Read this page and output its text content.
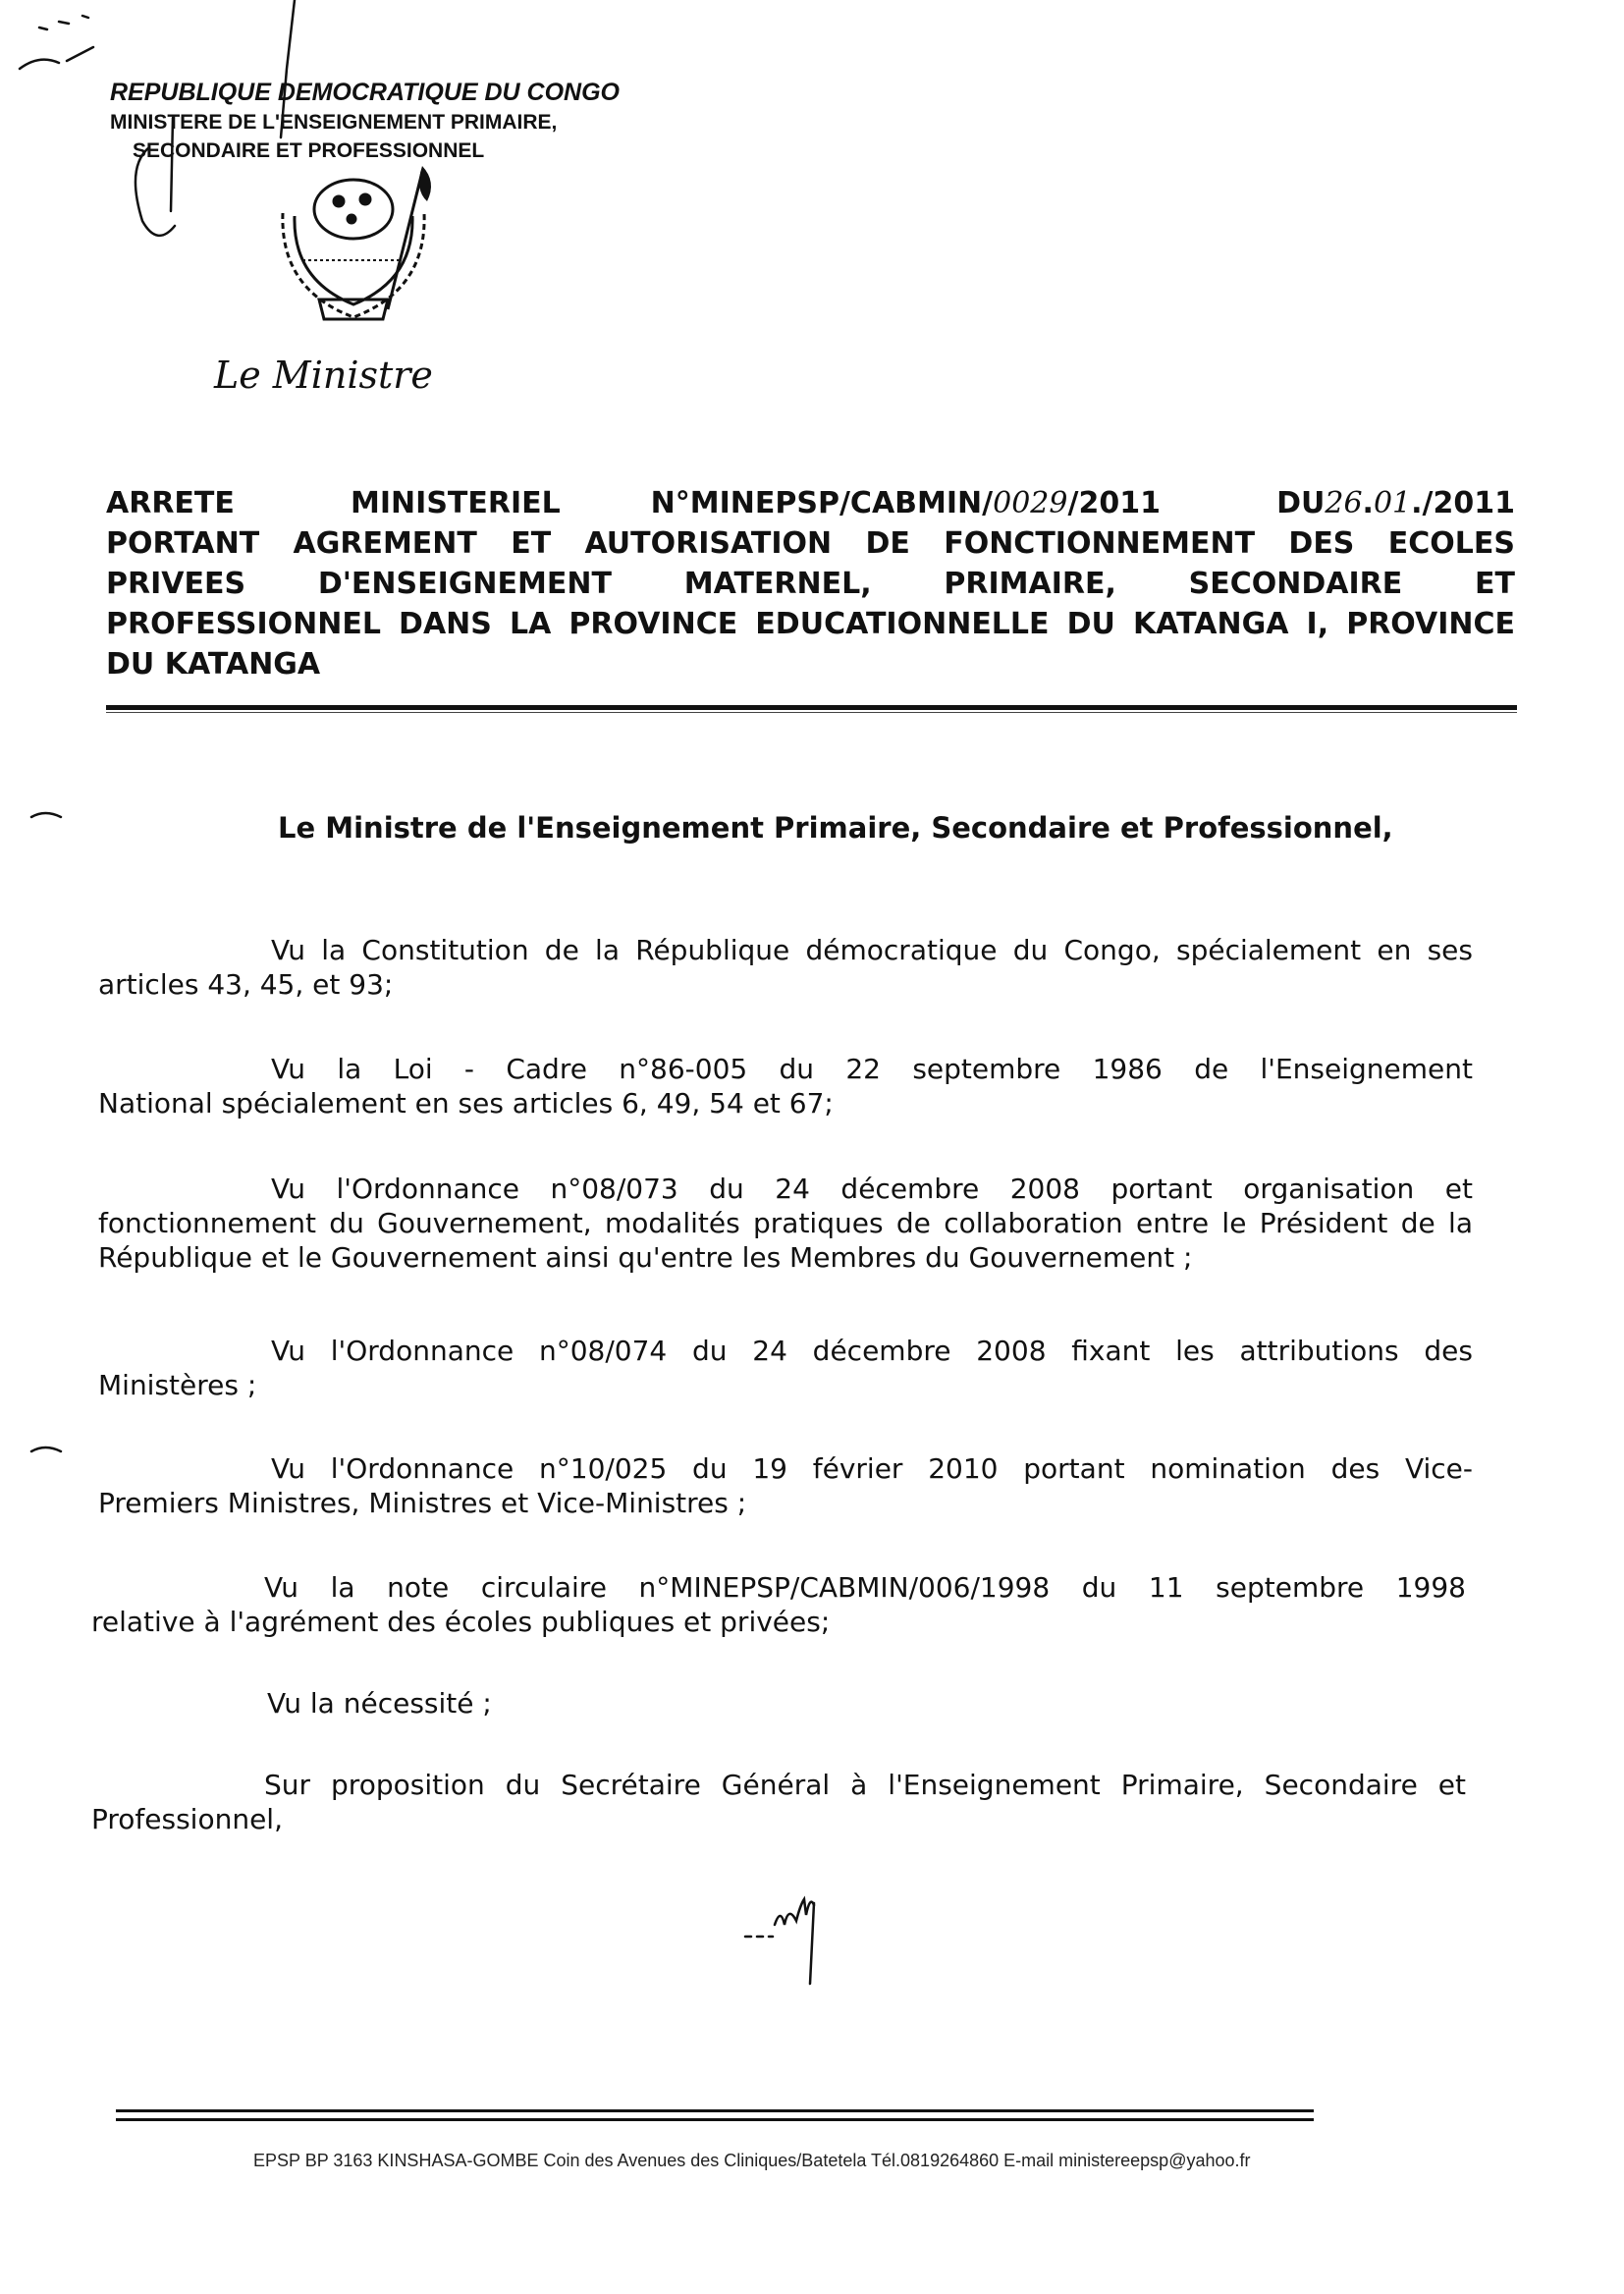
REPUBLIQUE DEMOCRATIQUE DU CONGO
MINISTERE DE L'ENSEIGNEMENT PRIMAIRE,
SECONDAIRE ET PROFESSIONNEL
Le Ministre
ARRETE	MINISTERIEL	N°MINEPSP/CABMIN/0029/2011	DU26.01./2011
PORTANT AGREMENT ET AUTORISATION DE FONCTIONNEMENT DES ECOLES
PRIVEES D'ENSEIGNEMENT MATERNEL, PRIMAIRE, SECONDAIRE ET
PROFESSIONNEL DANS LA PROVINCE EDUCATIONNELLE DU KATANGA I, PROVINCE
DU KATANGA
Le Ministre de l'Enseignement Primaire, Secondaire et Professionnel,
Vu la Constitution de la République démocratique du Congo, spécialement en ses
articles 43, 45, et 93;
Vu la Loi - Cadre n°86-005 du 22 septembre 1986 de l'Enseignement
National spécialement en ses articles 6, 49, 54 et 67;
Vu l'Ordonnance n°08/073 du 24 décembre 2008 portant organisation et
fonctionnement du Gouvernement, modalités pratiques de collaboration entre le Président de la République et le Gouvernement ainsi qu'entre les Membres du Gouvernement ;
Vu l'Ordonnance n°08/074 du 24 décembre 2008 fixant les attributions des
Ministères ;
Vu l'Ordonnance n°10/025 du 19 février 2010 portant nomination des Vice-
Premiers Ministres, Ministres et Vice-Ministres ;
Vu la note circulaire n°MINEPSP/CABMIN/006/1998 du 11 septembre 1998
relative à l'agrément des écoles publiques et privées;
Vu la nécessité ;
Sur proposition du Secrétaire Général à l'Enseignement Primaire, Secondaire et
Professionnel,
EPSP BP 3163 KINSHASA-GOMBE Coin des Avenues des Cliniques/Batetela Tél.0819264860 E-mail ministereepsp@yahoo.fr
